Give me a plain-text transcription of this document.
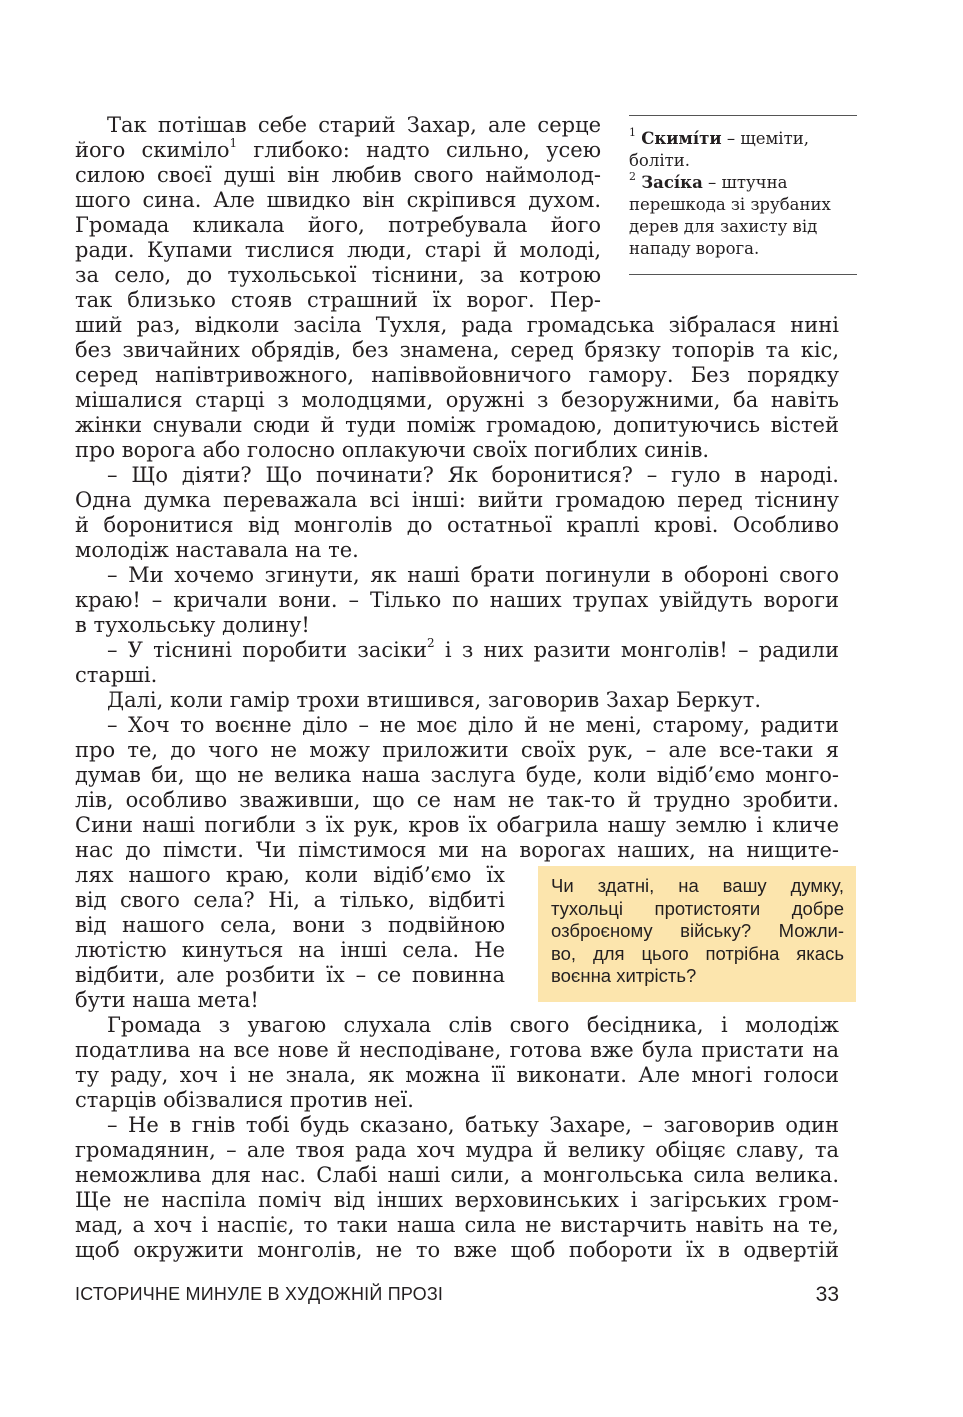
Так потішав себе старий Захар, але серце
його скиміло$^1$ глибоко: надто сильно, усею
силою своєї душі він любив свого наймолод-
шого сина. Але швидко він скріпився духом.
Громада кликала його, потребувала його
ради. Купами тислися люди, старі й молоді,
за село, до тухольської тіснини, за котрою
так близько стояв страшний їх ворог. Пер-
ший раз, відколи засіла Тухля, рада громадська зібралася нині
без звичайних обрядів, без знамена, серед брязку топорів та кіс,
серед напівтривожного, напіввойовничого гамору. Без порядку
мішалися старці з молодцями, оружні з безоружними, ба навіть
жінки снували сюди й туди поміж громадою, допитуючись вістей
про ворога або голосно оплакуючи своїх погиблих синів.
– Що діяти? Що починати? Як боронитися? – гуло в народі.
Одна думка переважала всі інші: вийти громадою перед тіснину
й боронитися від монголів до остатньої краплі крові. Особливо
молодіж наставала на те.
– Ми хочемо згинути, як наші брати погинули в обороні свого
краю! – кричали вони. – Тілько по наших трупах увійдуть вороги
в тухольську долину!
– У тіснині поробити засіки$^2$ і з них разити монголів! – радили
старші.
Далі, коли гамір трохи втишився, заговорив Захар Беркут.
– Хоч то воєнне діло – не моє діло й не мені, старому, радити
про те, до чого не можу приложити своїх рук, – але все-таки я
думав би, що не велика наша заслуга буде, коли відіб’ємо монго-
лів, особливо зваживши, що се нам не так-то й трудно зробити.
Сини наші погибли з їх рук, кров їх обагрила нашу землю і кличе
нас до пімсти. Чи пімстимося ми на ворогах наших, на нищите-
лях нашого краю, коли відіб’ємо їх
від свого села? Ні, а тілько, відбиті
від нашого села, вони з подвійною
лютістю кинуться на інші села. Не
відбити, але розбити їх – се повинна
бути наша мета!
Громада з увагою слухала слів свого бесідника, і молодіж
податлива на все нове й несподіване, готова вже була пристати на
ту раду, хоч і не знала, як можна її виконати. Але многі голоси
старців обізвалися против неї.
– Не в гнів тобі будь сказано, батьку Захаре, – заговорив один
громадянин, – але твоя рада хоч мудра й велику обіцяє славу, та
неможлива для нас. Слабі наші сили, а монгольська сила велика.
Ще не наспіла поміч від інших верховинських і загірських гром-
мад, а хоч і наспіє, то таки наша сила не вистарчить навіть на те,
щоб окружити монголів, не то вже щоб побороти їх в одвертій
$^1$ Скимíти – щеміти,
боліти.
$^2$ Засíка – штучна
перешкода зі зрубаних
дерев для захисту від
нападу ворога.
Чи здатні, на вашу думку,
тухольці протистояти добре
озброєному війську? Можли-
во, для цього потрібна якась
воєнна хитрість?
ІСТОРИЧНЕ МИНУЛЕ В ХУДОЖНІЙ ПРОЗІ	33
